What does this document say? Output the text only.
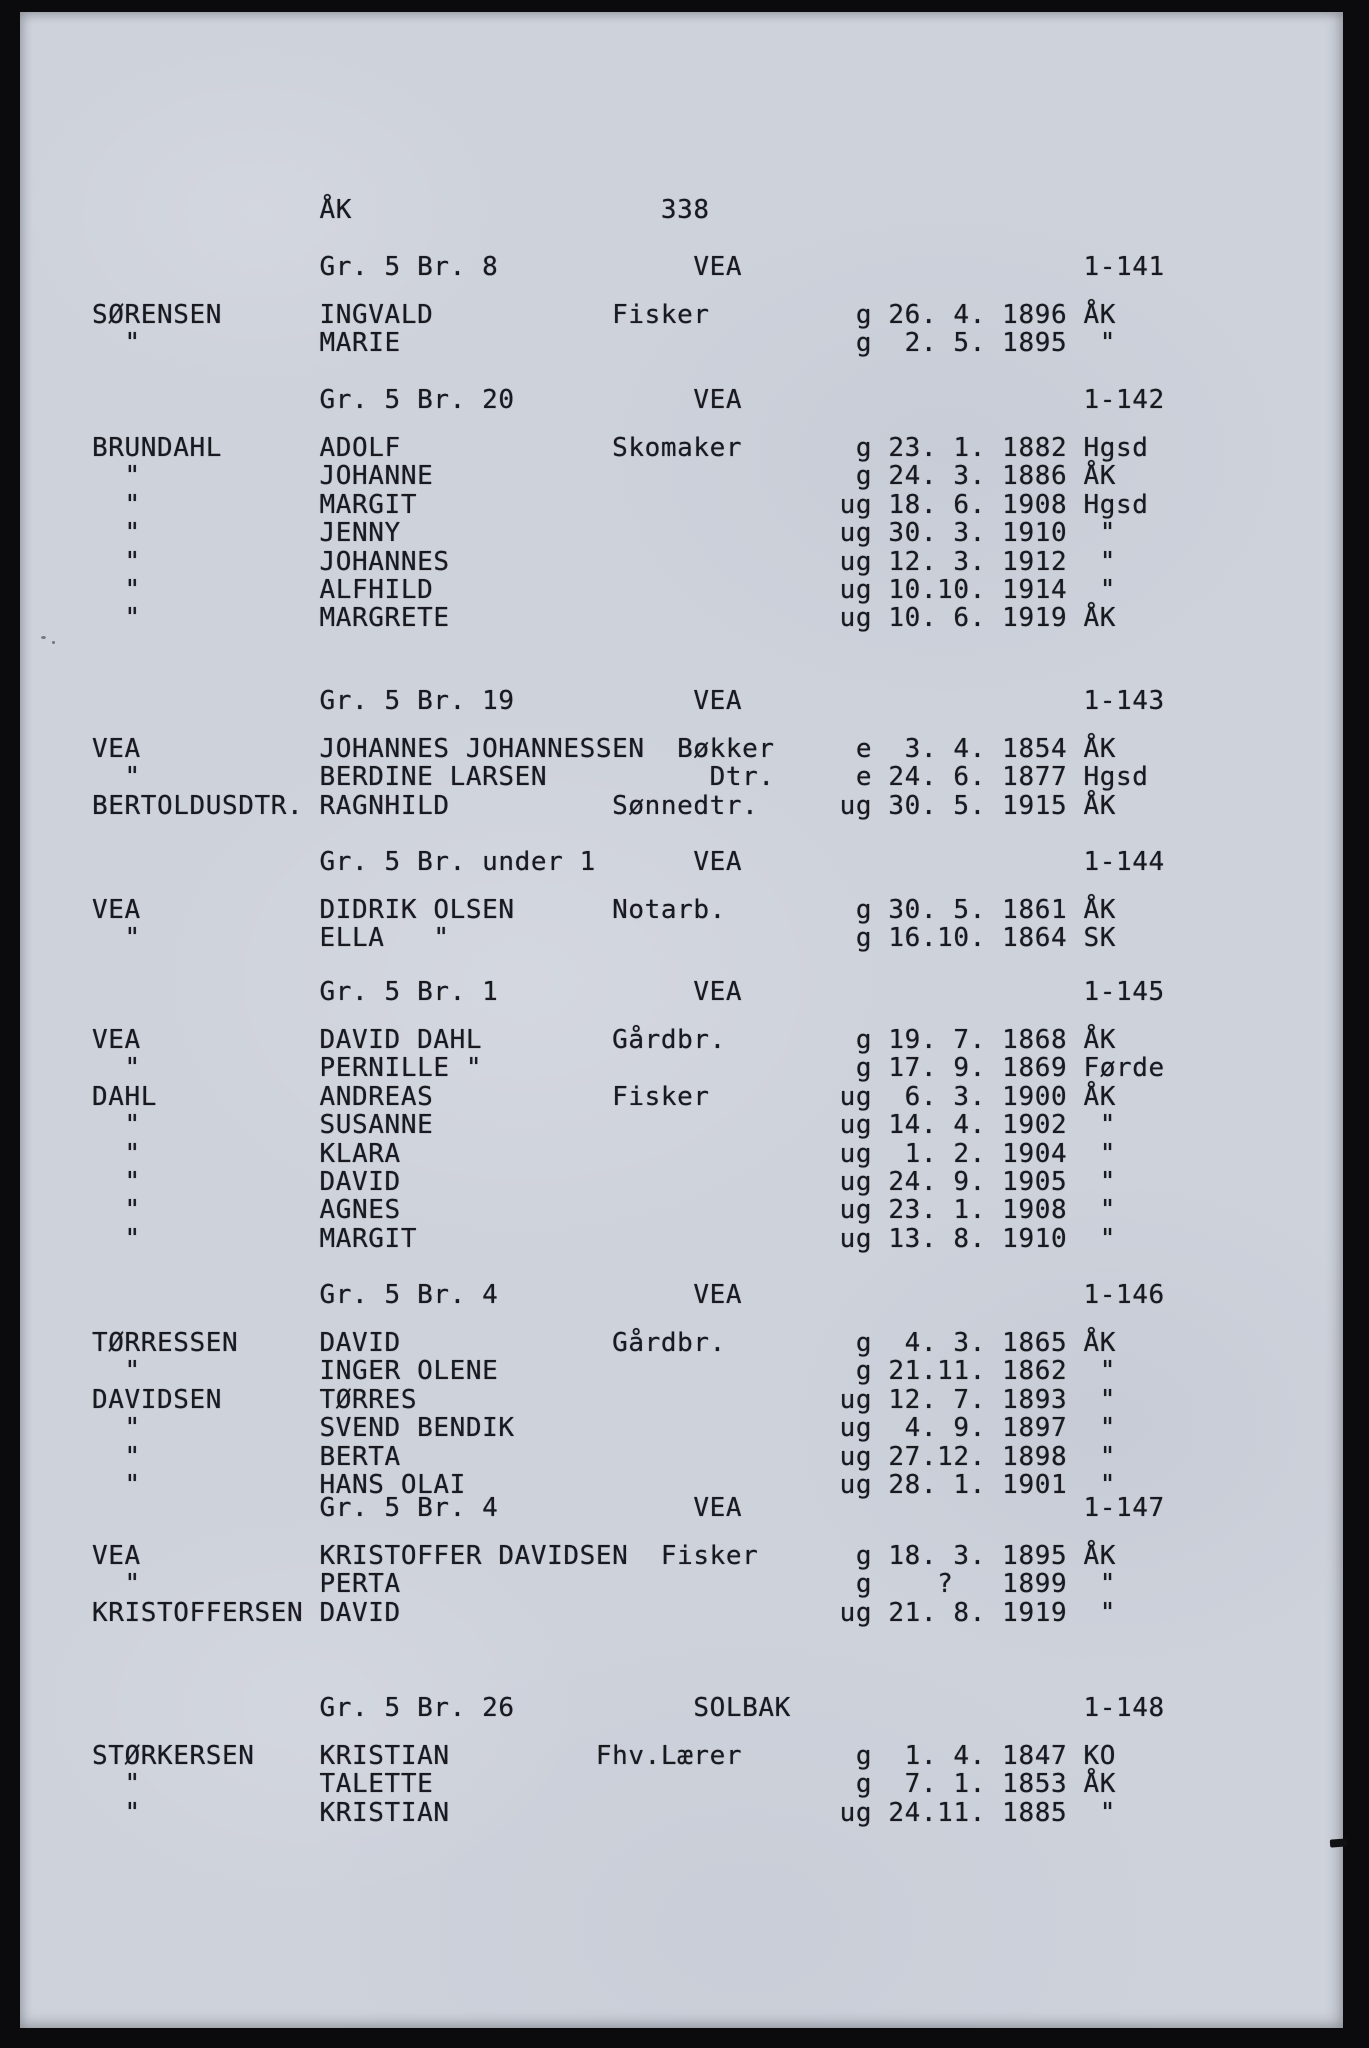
ÅK                   338
Gr. 5 Br. 8            VEA                     1-141
SØRENSEN      INGVALD           Fisker         g 26. 4. 1896 ÅK
"           MARIE                            g  2. 5. 1895  "
Gr. 5 Br. 20           VEA                     1-142
BRUNDAHL      ADOLF             Skomaker       g 23. 1. 1882 Hgsd
"           JOHANNE                          g 24. 3. 1886 ÅK
"           MARGIT                          ug 18. 6. 1908 Hgsd
"           JENNY                           ug 30. 3. 1910  "
"           JOHANNES                        ug 12. 3. 1912  "
"           ALFHILD                         ug 10.10. 1914  "
"           MARGRETE                        ug 10. 6. 1919 ÅK
Gr. 5 Br. 19           VEA                     1-143
VEA           JOHANNES JOHANNESSEN  Bøkker     e  3. 4. 1854 ÅK
"           BERDINE LARSEN          Dtr.     e 24. 6. 1877 Hgsd
BERTOLDUSDTR. RAGNHILD          Sønnedtr.     ug 30. 5. 1915 ÅK
Gr. 5 Br. under 1      VEA                     1-144
VEA           DIDRIK OLSEN      Notarb.        g 30. 5. 1861 ÅK
"           ELLA   "                         g 16.10. 1864 SK
Gr. 5 Br. 1            VEA                     1-145
VEA           DAVID DAHL        Gårdbr.        g 19. 7. 1868 ÅK
"           PERNILLE "                       g 17. 9. 1869 Førde
DAHL          ANDREAS           Fisker        ug  6. 3. 1900 ÅK
"           SUSANNE                         ug 14. 4. 1902  "
"           KLARA                           ug  1. 2. 1904  "
"           DAVID                           ug 24. 9. 1905  "
"           AGNES                           ug 23. 1. 1908  "
"           MARGIT                          ug 13. 8. 1910  "
Gr. 5 Br. 4            VEA                     1-146
TØRRESSEN     DAVID             Gårdbr.        g  4. 3. 1865 ÅK
"           INGER OLENE                      g 21.11. 1862  "
DAVIDSEN      TØRRES                          ug 12. 7. 1893  "
"           SVEND BENDIK                    ug  4. 9. 1897  "
"           BERTA                           ug 27.12. 1898  "
"           HANS OLAI                       ug 28. 1. 1901  "
Gr. 5 Br. 4            VEA                     1-147
VEA           KRISTOFFER DAVIDSEN  Fisker      g 18. 3. 1895 ÅK
"           PERTA                            g    ?   1899  "
KRISTOFFERSEN DAVID                           ug 21. 8. 1919  "
Gr. 5 Br. 26           SOLBAK                  1-148
STØRKERSEN    KRISTIAN         Fhv.Lærer       g  1. 4. 1847 KO
"           TALETTE                          g  7. 1. 1853 ÅK
"           KRISTIAN                        ug 24.11. 1885  "
